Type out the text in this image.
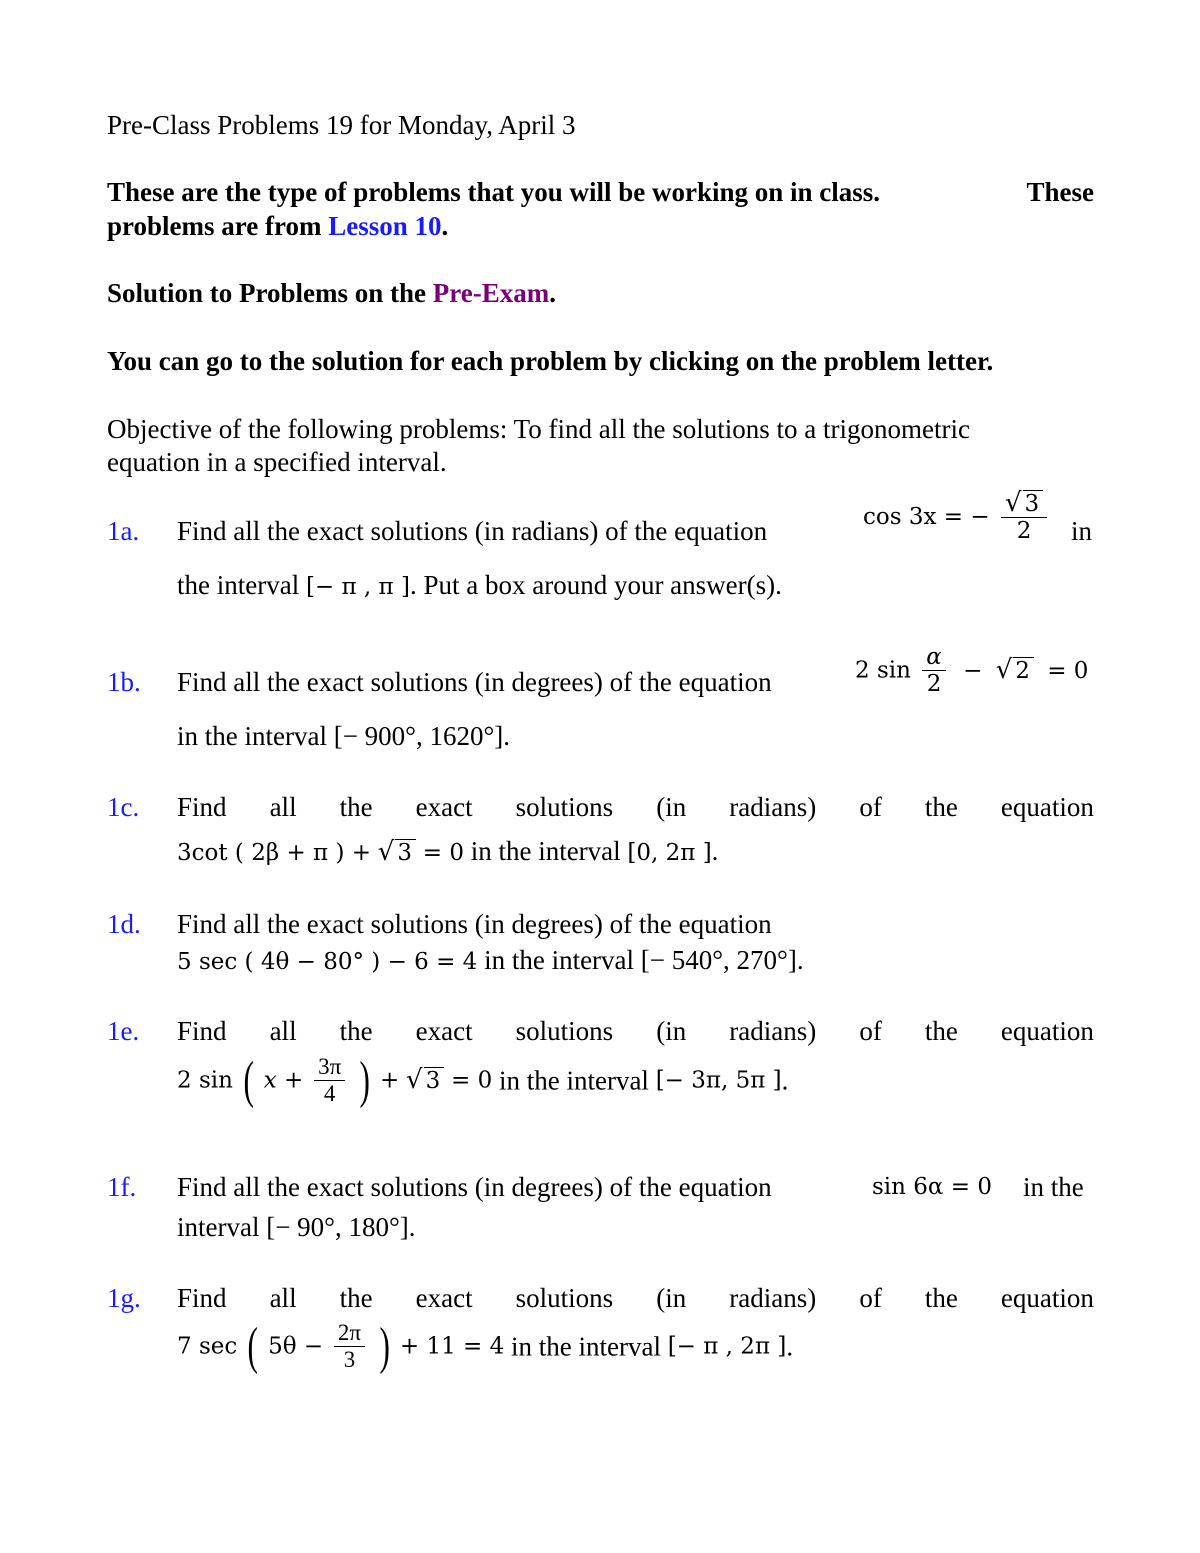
Pre-Class Problems 19 for Monday, April 3
These are the type of problems that you will be working on in class.	These
problems are from Lesson 10.
Solution to Problems on the Pre-Exam.
You can go to the solution for each problem by clicking on the problem letter.
Objective of the following problems: To find all the solutions to a trigonometric
equation in a specified interval.
1a. Find all the exact solutions (in radians) of the equation	cos 3x = − $\frac{√ 3}{2}$ in
the interval [− π , π ]. Put a box around your answer(s).
1b. Find all the exact solutions (in degrees) of the equation	2 $\sin \frac{\alpha}{2}$ − √ 2 = 0
in the interval [− 900°, 1620°].
1c. Find all the exact solutions (in radians) of the equation
3cot ( 2β + π ) + √ 3 = 0 in the interval [0, 2π ].
1d. Find all the exact solutions (in degrees) of the equation
5 sec ( 4θ − 80° ) − 6 = 4 in the interval [− 540°, 270°].
1e. Find all the exact solutions (in radians) of the equation
2 sin ( $x + \frac{3\pi}{4}$ ) + √ 3 = 0 in the interval [− 3π, 5π ].
1f. Find all the exact solutions (in degrees) of the equation	sin 6α = 0 in the
interval [− 90°, 180°].
1g. Find all the exact solutions (in radians) of the equation
7 sec ( $5\theta - \frac{2\pi}{3}$ ) + 11 = 4 in the interval [− π , 2π ].
